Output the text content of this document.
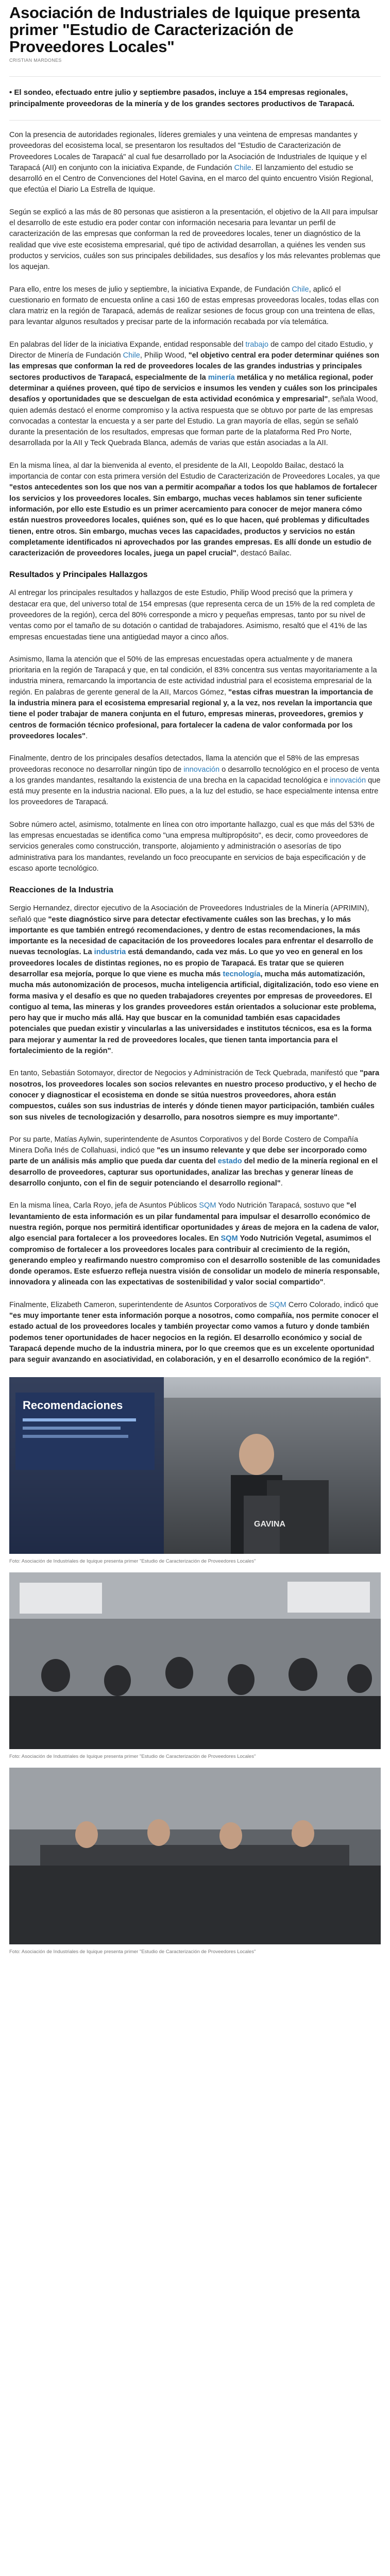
Asociación de Industriales de Iquique presenta primer "Estudio de Caracterización de Proveedores Locales"
CRISTIAN MARDONES

• El sondeo, efectuado entre julio y septiembre pasados, incluye a 154 empresas regionales, principalmente proveedoras de la minería y de los grandes sectores productivos de Tarapacá.

Con la presencia de autoridades regionales, líderes gremiales y una veintena de empresas mandantes y proveedoras del ecosistema local, se presentaron los resultados del "Estudio de Caracterización de Proveedores Locales de Tarapacá" al cual fue desarrollado por la Asociación de Industriales de Iquique y el Tarapacá (AII) en conjunto con la iniciativa Expande, de Fundación Chile. El lanzamiento del estudio se desarrolló en el Centro de Convenciones del Hotel Gavina, en el marco del quinto encuentro Visión Regional, que efectúa el Diario La Estrella de Iquique.

Según se explicó a las más de 80 personas que asistieron a la presentación, el objetivo de la AII para impulsar el desarrollo de este estudio era poder contar con información necesaria para levantar un perfil de caracterización de las empresas que conforman la red de proveedores locales, tener un diagnóstico de la realidad que vive este ecosistema empresarial, qué tipo de actividad desarrollan, a quiénes les venden sus productos y servicios, cuáles son sus principales debilidades, sus desafíos y los más relevantes problemas que los aquejan.

Para ello, entre los meses de julio y septiembre, la iniciativa Expande, de Fundación Chile, aplicó el cuestionario en formato de encuesta online a casi 160 de estas empresas proveedoras locales, todas ellas con clara matriz en la región de Tarapacá, además de realizar sesiones de focus group con una treintena de ellas, para levantar algunos resultados y precisar parte de la información recabada por vía telemática.

En palabras del líder de la iniciativa Expande, entidad responsable del trabajo de campo del citado Estudio, y Director de Minería de Fundación Chile, Philip Wood, "el objetivo central era poder determinar quiénes son las empresas que conforman la red de proveedores locales de las grandes industrias y principales sectores productivos de Tarapacá, especialmente de la minería metálica y no metálica regional, poder determinar a quiénes proveen, qué tipo de servicios e insumos les venden y cuáles son los principales desafíos y oportunidades que se descuelgan de esta actividad económica y empresarial", señala Wood, quien además destacó el enorme compromiso y la activa respuesta que se obtuvo por parte de las empresas convocadas a contestar la encuesta y a ser parte del Estudio. La gran mayoría de ellas, según se señaló durante la presentación de los resultados, empresas que forman parte de la plataforma Red Pro Norte, desarrollada por la AII y Teck Quebrada Blanca, además de varias que están asociadas a la AII.

En la misma línea, al dar la bienvenida al evento, el presidente de la AII, Leopoldo Bailac, destacó la importancia de contar con esta primera versión del Estudio de Caracterización de Proveedores Locales, ya que "estos antecedentes son los que nos van a permitir acompañar a todos los que hablamos de fortalecer los servicios y los proveedores locales. Sin embargo, muchas veces hablamos sin tener suficiente información, por ello este Estudio es un primer acercamiento para conocer de mejor manera cómo están nuestros proveedores locales, quiénes son, qué es lo que hacen, qué problemas y dificultades tienen, entre otros. Sin embargo, muchas veces las capacidades, productos y servicios no están completamente identificados ni aprovechados por las grandes empresas. Es allí donde un estudio de caracterización de proveedores locales, juega un papel crucial", destacó Bailac.

Resultados y Principales Hallazgos

Al entregar los principales resultados y hallazgos de este Estudio, Philip Wood precisó que la primera y destacar era que, del universo total de 154 empresas (que representa cerca de un 15% de la red completa de proveedores de la región), cerca del 80% corresponde a micro y pequeñas empresas, tanto por su nivel de ventas como por el tamaño de su dotación o cantidad de trabajadores. Asimismo, resaltó que el 41% de las empresas encuestadas tiene una antigüedad mayor a cinco años.

Asimismo, llama la atención que el 50% de las empresas encuestadas opera actualmente y de manera prioritaria en la región de Tarapacá y que, en tal condición, el 83% concentra sus ventas mayoritariamente a la industria minera, remarcando la importancia de este actividad industrial para el ecosistema empresarial de la región. En palabras de gerente general de la AII, Marcos Gómez, "estas cifras muestran la importancia de la industria minera para el ecosistema empresarial regional y, a la vez, nos revelan la importancia que tiene el poder trabajar de manera conjunta en el futuro, empresas mineras, proveedores, gremios y centros de formación técnico profesional, para fortalecer la cadena de valor conformada por los proveedores locales".

Finalmente, dentro de los principales desafíos detectados, llama la atención que el 58% de las empresas proveedoras reconoce no desarrollar ningún tipo de innovación o desarrollo tecnológico en el proceso de venta a los grandes mandantes, resaltando la existencia de una brecha en la capacidad tecnológica e innovación que está muy presente en la industria nacional. Ello pues, a la luz del estudio, se hace especialmente intensa entre los proveedores de Tarapacá.

Sobre número actel, asimismo, totalmente en línea con otro importante hallazgo, cual es que más del 53% de las empresas encuestadas se identifica como "una empresa multipropósito", es decir, como proveedores de servicios generales como construcción, transporte, alojamiento y administración o asesorías de tipo administrativa para los mandantes, revelando un foco preocupante en servicios de baja especificación y de escaso aporte tecnológico.

Reacciones de la Industria

Sergio Hernandez, director ejecutivo de la Asociación de Proveedores Industriales de la Minería (APRIMIN), señaló que "este diagnóstico sirve para detectar efectivamente cuáles son las brechas, y lo más importante es que también entregó recomendaciones, y dentro de estas recomendaciones, la más importante es la necesidad de capacitación de los proveedores locales para enfrentar el desarrollo de nuevas tecnologías. La industria está demandando, cada vez más. Lo que yo veo en general en los proveedores locales de distintas regiones, no es propio de Tarapacá. Es tratar que se quieren desarrollar esa mejoría, porque lo que viene es mucha más tecnología, mucha más automatización, mucha más autonomización de procesos, mucha inteligencia artificial, digitalización, todo eso viene en forma masiva y el desafío es que no queden trabajadores creyentes por empresas de proveedores. El contiguo al tema, las mineras y los grandes proveedores están orientados a solucionar este problema, pero hay que ir mucho más allá. Hay que buscar en la comunidad también esas capacidades potenciales que puedan existir y vincularlas a las universidades e institutos técnicos, esa es la forma para mejorar y aumentar la red de proveedores locales, que tienen tanta importancia para el fortalecimiento de la región".

En tanto, Sebastián Sotomayor, director de Negocios y Administración de Teck Quebrada, manifestó que "para nosotros, los proveedores locales son socios relevantes en nuestro proceso productivo, y el hecho de conocer y diagnosticar el ecosistema en donde se sitúa nuestros proveedores, ahora están compuestos, cuáles son sus industrias de interés y dónde tienen mayor participación, también cuáles son sus niveles de tecnologización y desarrollo, para nosotros siempre es muy importante".

Por su parte, Matías Aylwin, superintendente de Asuntos Corporativos y del Borde Costero de Compañía Minera Doña Inés de Collahuasi, indicó que "es un insumo relevante y que debe ser incorporado como parte de un análisis más amplio que pueda dar cuenta del estado del medio de la minería regional en el desarrollo de proveedores, capturar sus oportunidades, analizar las brechas y generar líneas de desarrollo conjunto, con el fin de seguir potenciando el desarrollo regional".

En la misma línea, Carla Royo, jefa de Asuntos Públicos SQM Yodo Nutrición Tarapacá, sostuvo que "el levantamiento de esta información es un pilar fundamental para impulsar el desarrollo económico de nuestra región, porque nos permitirá identificar oportunidades y áreas de mejora en la cadena de valor, algo esencial para fortalecer a los proveedores locales. En SQM Yodo Nutrición Vegetal, asumimos el compromiso de fortalecer a los proveedores locales para contribuir al crecimiento de la región, generando empleo y reafirmando nuestro compromiso con el desarrollo sostenible de las comunidades donde operamos. Este esfuerzo refleja nuestra visión de consolidar un modelo de minería responsable, innovadora y alineada con las expectativas de sostenibilidad y valor social compartido".

Finalmente, Elizabeth Cameron, superintendente de Asuntos Corporativos de SQM Cerro Colorado, indicó que "es muy importante tener esta información porque a nosotros, como compañía, nos permite conocer el estado actual de los proveedores locales y también proyectar como vamos a futuro y donde también podemos tener oportunidades de hacer negocios en la región. El desarrollo económico y social de Tarapacá depende mucho de la industria minera, por lo que creemos que es un excelente oportunidad para seguir avanzando en asociatividad, en colaboración, y en el desarrollo económico de la región".

Recomendaciones
GAVINA
Foto: Asociación de Industriales de Iquique presenta primer "Estudio de Caracterización de Proveedores Locales"
Foto: Asociación de Industriales de Iquique presenta primer "Estudio de Caracterización de Proveedores Locales"
Foto: Asociación de Industriales de Iquique presenta primer "Estudio de Caracterización de Proveedores Locales"
